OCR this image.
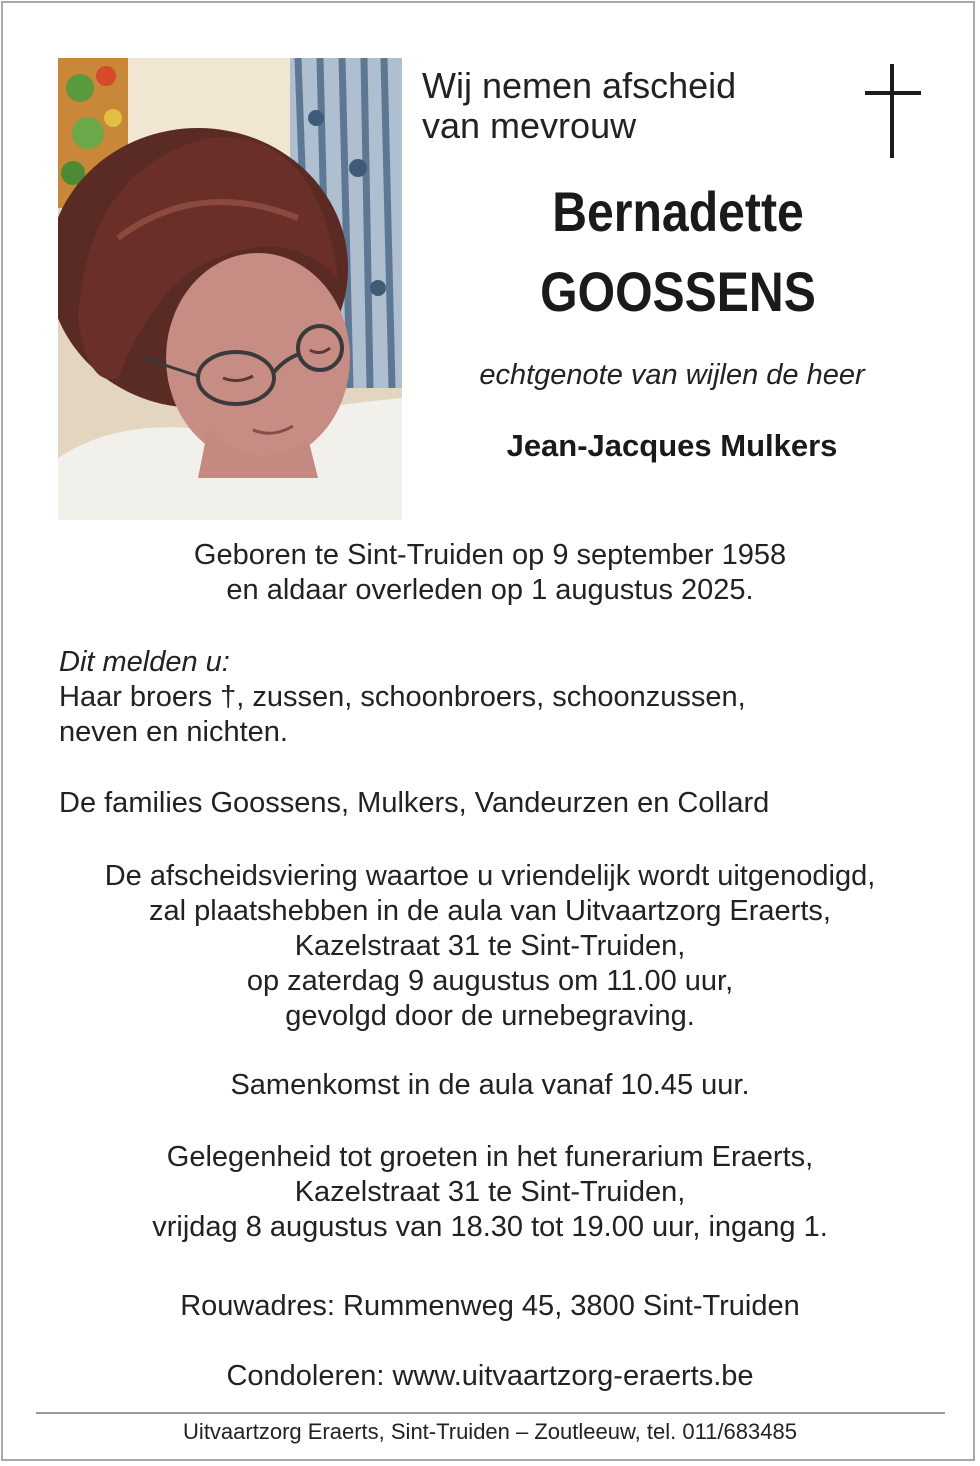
Wij nemen afscheid
van mevrouw
Bernadette
GOOSSENS
echtgenote van wijlen de heer
Jean-Jacques Mulkers
Geboren te Sint-Truiden op 9 september 1958
en aldaar overleden op 1 augustus 2025.
Dit melden u:
Haar broers †, zussen, schoonbroers, schoonzussen,
neven en nichten.
De families Goossens, Mulkers, Vandeurzen en Collard
De afscheidsviering waartoe u vriendelijk wordt uitgenodigd,
zal plaatshebben in de aula van Uitvaartzorg Eraerts,
Kazelstraat 31 te Sint-Truiden,
op zaterdag 9 augustus om 11.00 uur,
gevolgd door de urnebegraving.
Samenkomst in de aula vanaf 10.45 uur.
Gelegenheid tot groeten in het funerarium Eraerts,
Kazelstraat 31 te Sint-Truiden,
vrijdag 8 augustus van 18.30 tot 19.00 uur, ingang 1.
Rouwadres: Rummenweg 45, 3800 Sint-Truiden
Condoleren: www.uitvaartzorg-eraerts.be
Uitvaartzorg Eraerts, Sint-Truiden – Zoutleeuw, tel. 011/683485
